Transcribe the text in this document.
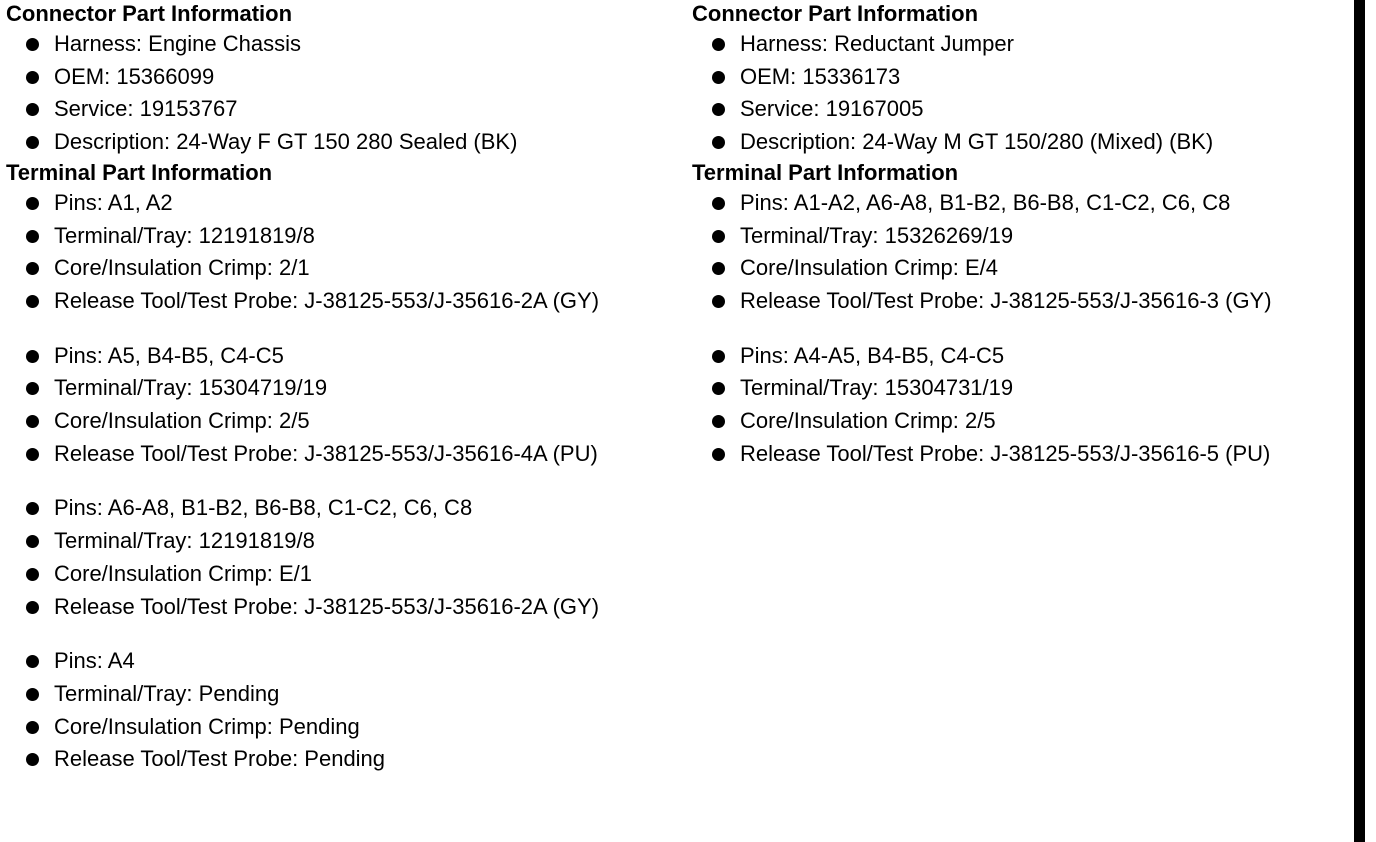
Connector Part Information
Harness: Engine Chassis
OEM: 15366099
Service: 19153767
Description: 24-Way F GT 150 280 Sealed (BK)
Terminal Part Information
Pins: A1, A2
Terminal/Tray: 12191819/8
Core/Insulation Crimp: 2/1
Release Tool/Test Probe: J-38125-553/J-35616-2A (GY)
Pins: A5, B4-B5, C4-C5
Terminal/Tray: 15304719/19
Core/Insulation Crimp: 2/5
Release Tool/Test Probe: J-38125-553/J-35616-4A (PU)
Pins: A6-A8, B1-B2, B6-B8, C1-C2, C6, C8
Terminal/Tray: 12191819/8
Core/Insulation Crimp: E/1
Release Tool/Test Probe: J-38125-553/J-35616-2A (GY)
Pins: A4
Terminal/Tray: Pending
Core/Insulation Crimp: Pending
Release Tool/Test Probe: Pending
Connector Part Information
Harness: Reductant Jumper
OEM: 15336173
Service: 19167005
Description: 24-Way M GT 150/280 (Mixed) (BK)
Terminal Part Information
Pins: A1-A2, A6-A8, B1-B2, B6-B8, C1-C2, C6, C8
Terminal/Tray: 15326269/19
Core/Insulation Crimp: E/4
Release Tool/Test Probe: J-38125-553/J-35616-3 (GY)
Pins: A4-A5, B4-B5, C4-C5
Terminal/Tray: 15304731/19
Core/Insulation Crimp: 2/5
Release Tool/Test Probe: J-38125-553/J-35616-5 (PU)
